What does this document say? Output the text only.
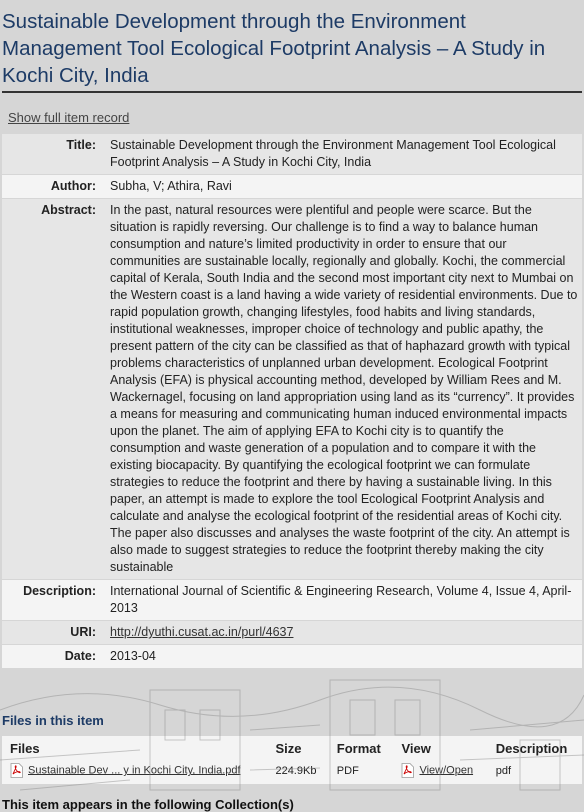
Sustainable Development through the Environment Management Tool Ecological Footprint Analysis – A Study in Kochi City, India
Show full item record
Title:	Sustainable Development through the Environment Management Tool Ecological Footprint Analysis – A Study in Kochi City, India
Author:	Subha, V; Athira, Ravi
Abstract:	In the past, natural resources were plentiful and people were scarce. But the situation is rapidly reversing. Our challenge is to find a way to balance human consumption and nature’s limited productivity in order to ensure that our communities are sustainable locally, regionally and globally. Kochi, the commercial capital of Kerala, South India and the second most important city next to Mumbai on the Western coast is a land having a wide variety of residential environments. Due to rapid population growth, changing lifestyles, food habits and living standards, institutional weaknesses, improper choice of technology and public apathy, the present pattern of the city can be classified as that of haphazard growth with typical problems characteristics of unplanned urban development. Ecological Footprint Analysis (EFA) is physical accounting method, developed by William Rees and M. Wackernagel, focusing on land appropriation using land as its “currency”. It provides a means for measuring and communicating human induced environmental impacts upon the planet. The aim of applying EFA to Kochi city is to quantify the consumption and waste generation of a population and to compare it with the existing biocapacity. By quantifying the ecological footprint we can formulate strategies to reduce the footprint and there by having a sustainable living. In this paper, an attempt is made to explore the tool Ecological Footprint Analysis and calculate and analyse the ecological footprint of the residential areas of Kochi city. The paper also discusses and analyses the waste footprint of the city. An attempt is also made to suggest strategies to reduce the footprint thereby making the city sustainable
Description:	International Journal of Scientific & Engineering Research, Volume 4, Issue 4, April-2013
URI:	http://dyuthi.cusat.ac.in/purl/4637
Date:	2013-04
Files in this item
Files	Size	Format	View	Description
Sustainable Dev ... y in Kochi City, India.pdf	224.9Kb	PDF	View/Open	pdf
This item appears in the following Collection(s)
